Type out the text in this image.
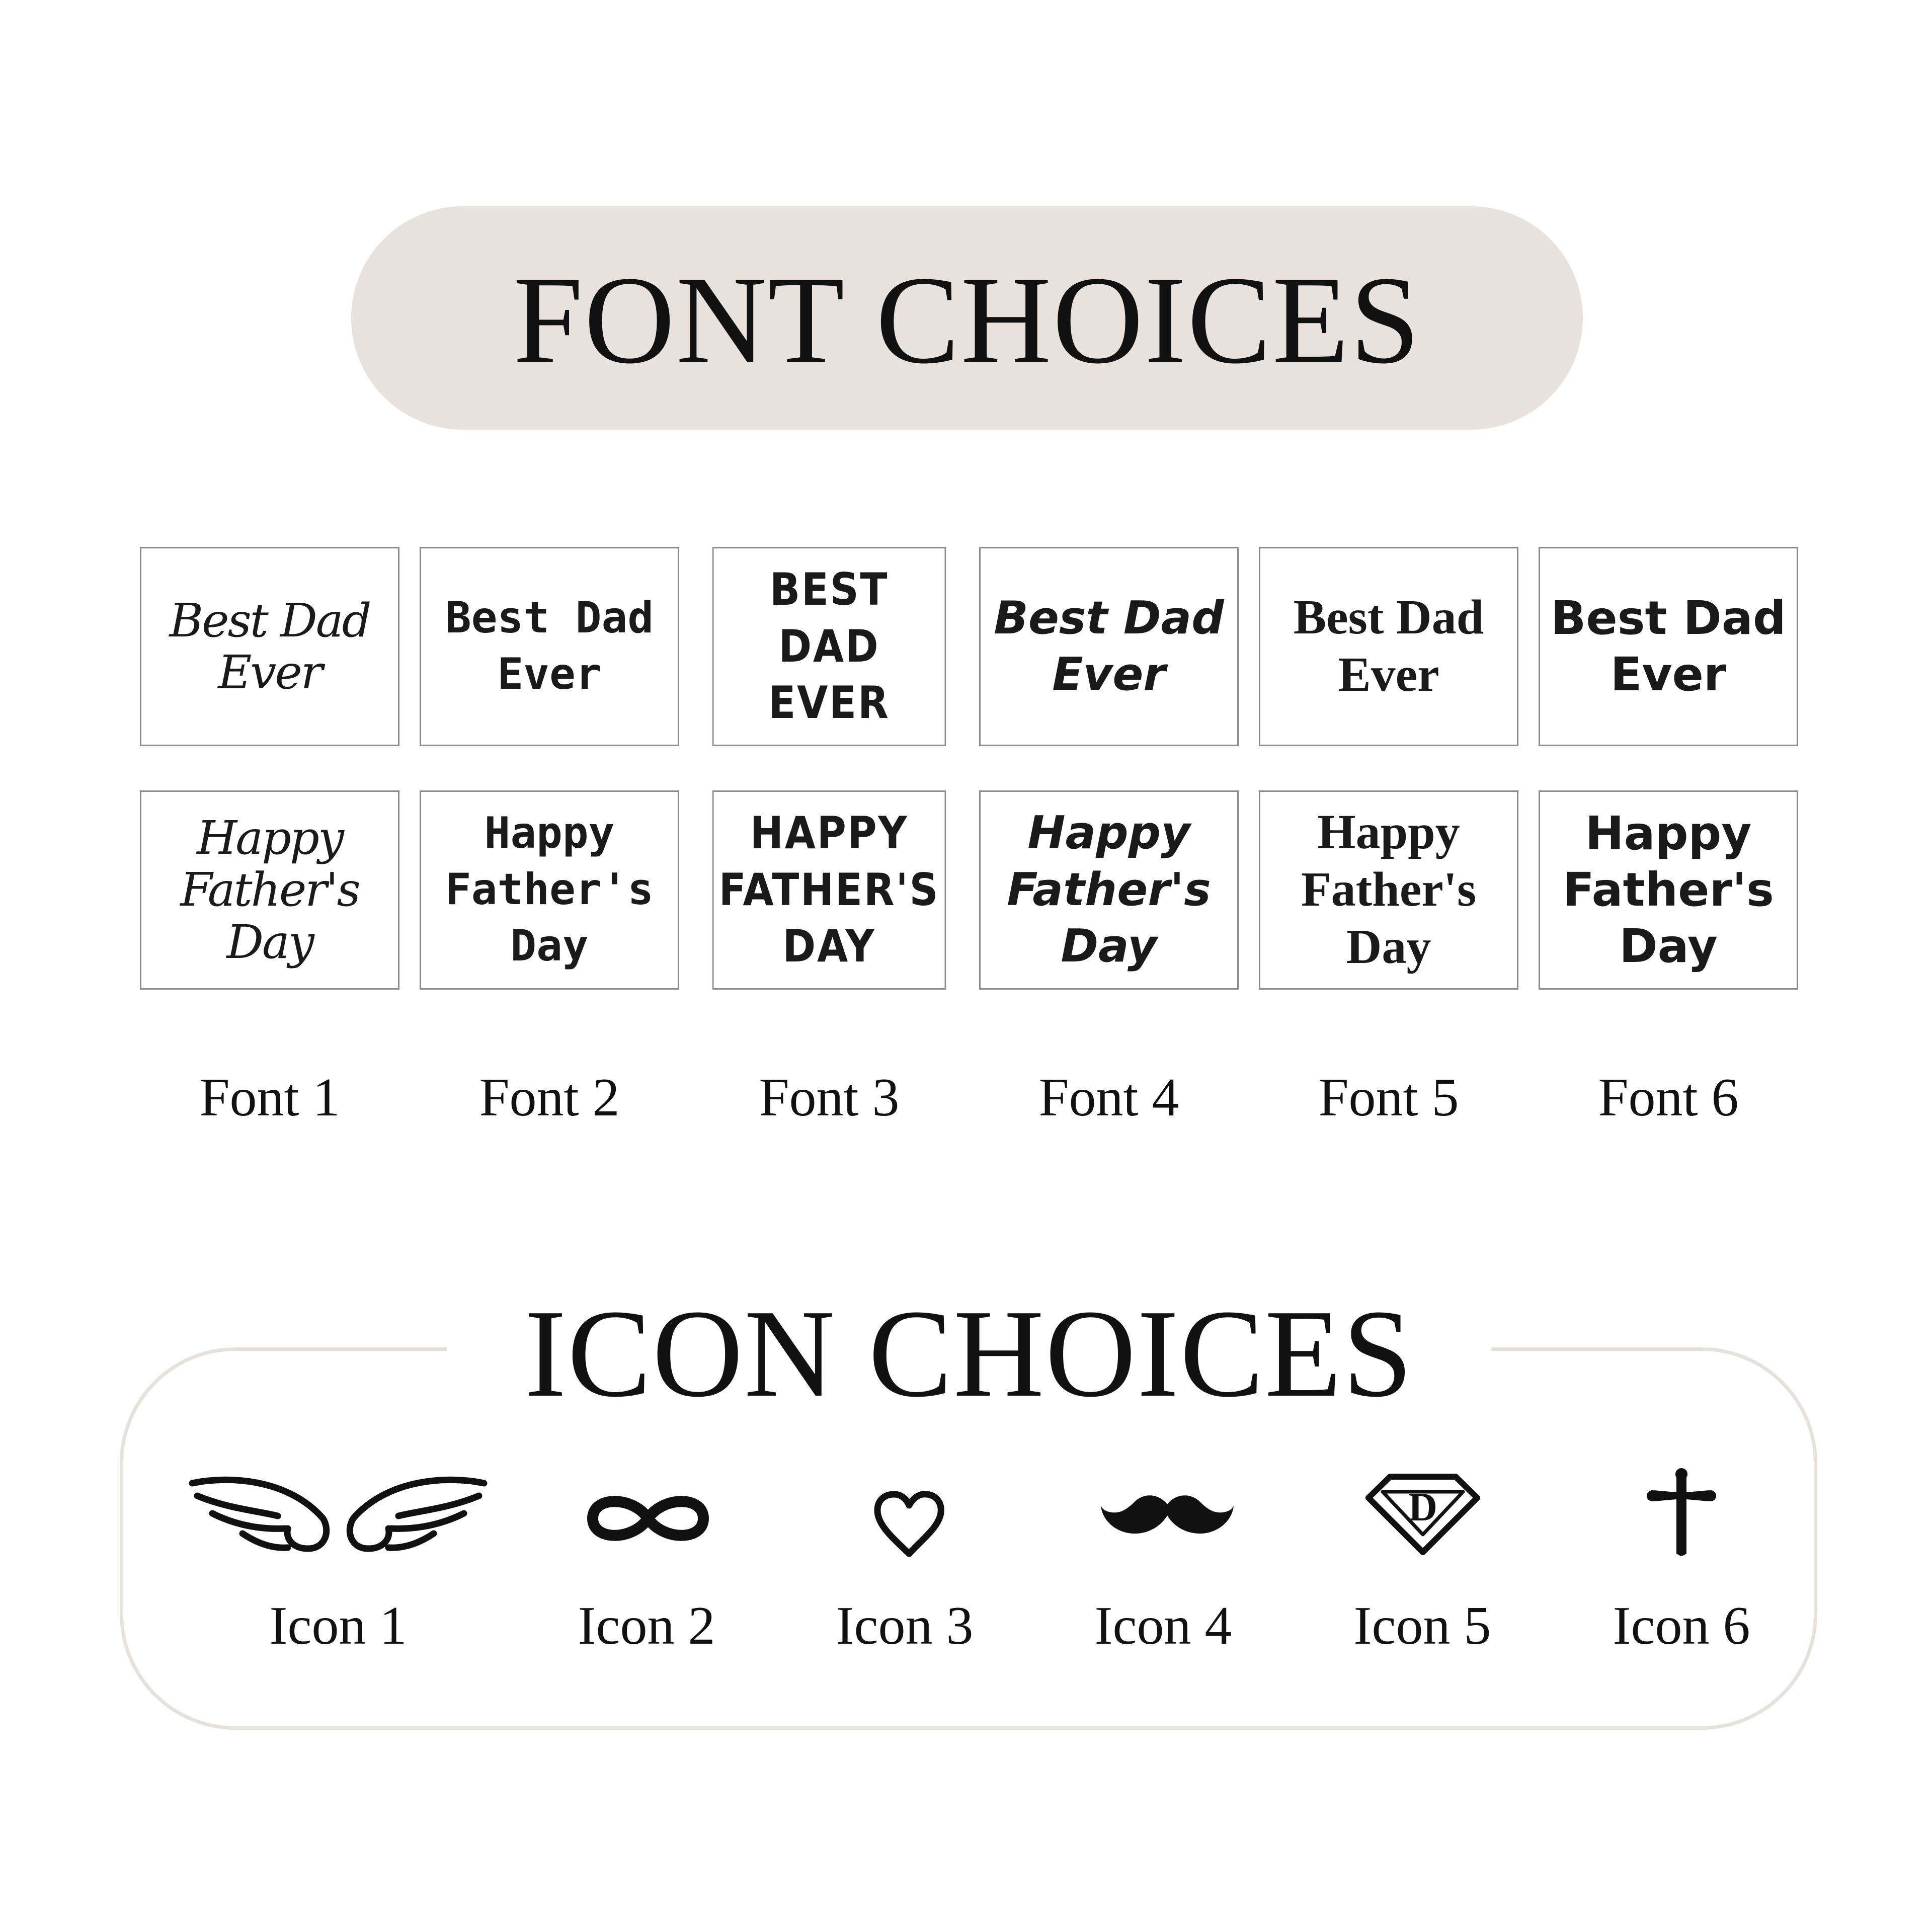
FONT CHOICES
Best Dad
Ever
Best Dad
Ever
BEST DAD
EVER
Best Dad
Ever
Best Dad
Ever
Best Dad
Ever
Happy
Father's
Day
Happy
Father's
Day
HAPPY
FATHER'S
DAY
Happy
Father's
Day
Happy
Father's
Day
Happy
Father's
Day
Font 1	Font 2	Font 3	Font 4	Font 5	Font 6
ICON CHOICES
D
Icon 1	Icon 2	Icon 3	Icon 4	Icon 5	Icon 6
